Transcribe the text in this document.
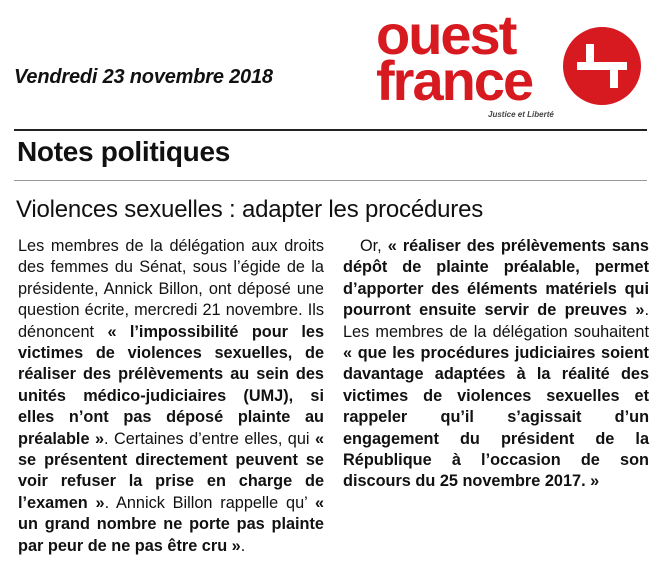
Vendredi 23 novembre 2018
ouest
france
Justice et Liberté
Notes politiques
Violences sexuelles : adapter les procédures

Les membres de la délégation aux droits des femmes du Sénat, sous l’égide de la présidente, Annick Billon, ont déposé une question écrite, mercredi 21 novembre. Ils dénoncent « l’impossibilité pour les victimes de violences sexuelles, de réaliser des prélèvements au sein des unités médico-judiciaires (UMJ), si elles n’ont pas déposé plainte au préalable ». Certaines d’entre elles, qui « se présentent directement peuvent se voir refuser la prise en charge de l’examen ». Annick Billon rappelle qu’ « un grand nombre ne porte pas plainte par peur de ne pas être cru ».

Or, « réaliser des prélèvements sans dépôt de plainte préalable, permet d’apporter des éléments matériels qui pourront ensuite servir de preuves ». Les membres de la délégation souhaitent « que les procédures judiciaires soient davantage adaptées à la réalité des victimes de violences sexuelles et rappeler qu’il s’agissait d’un engagement du président de la République à l’occasion de son discours du 25 novembre 2017. »
